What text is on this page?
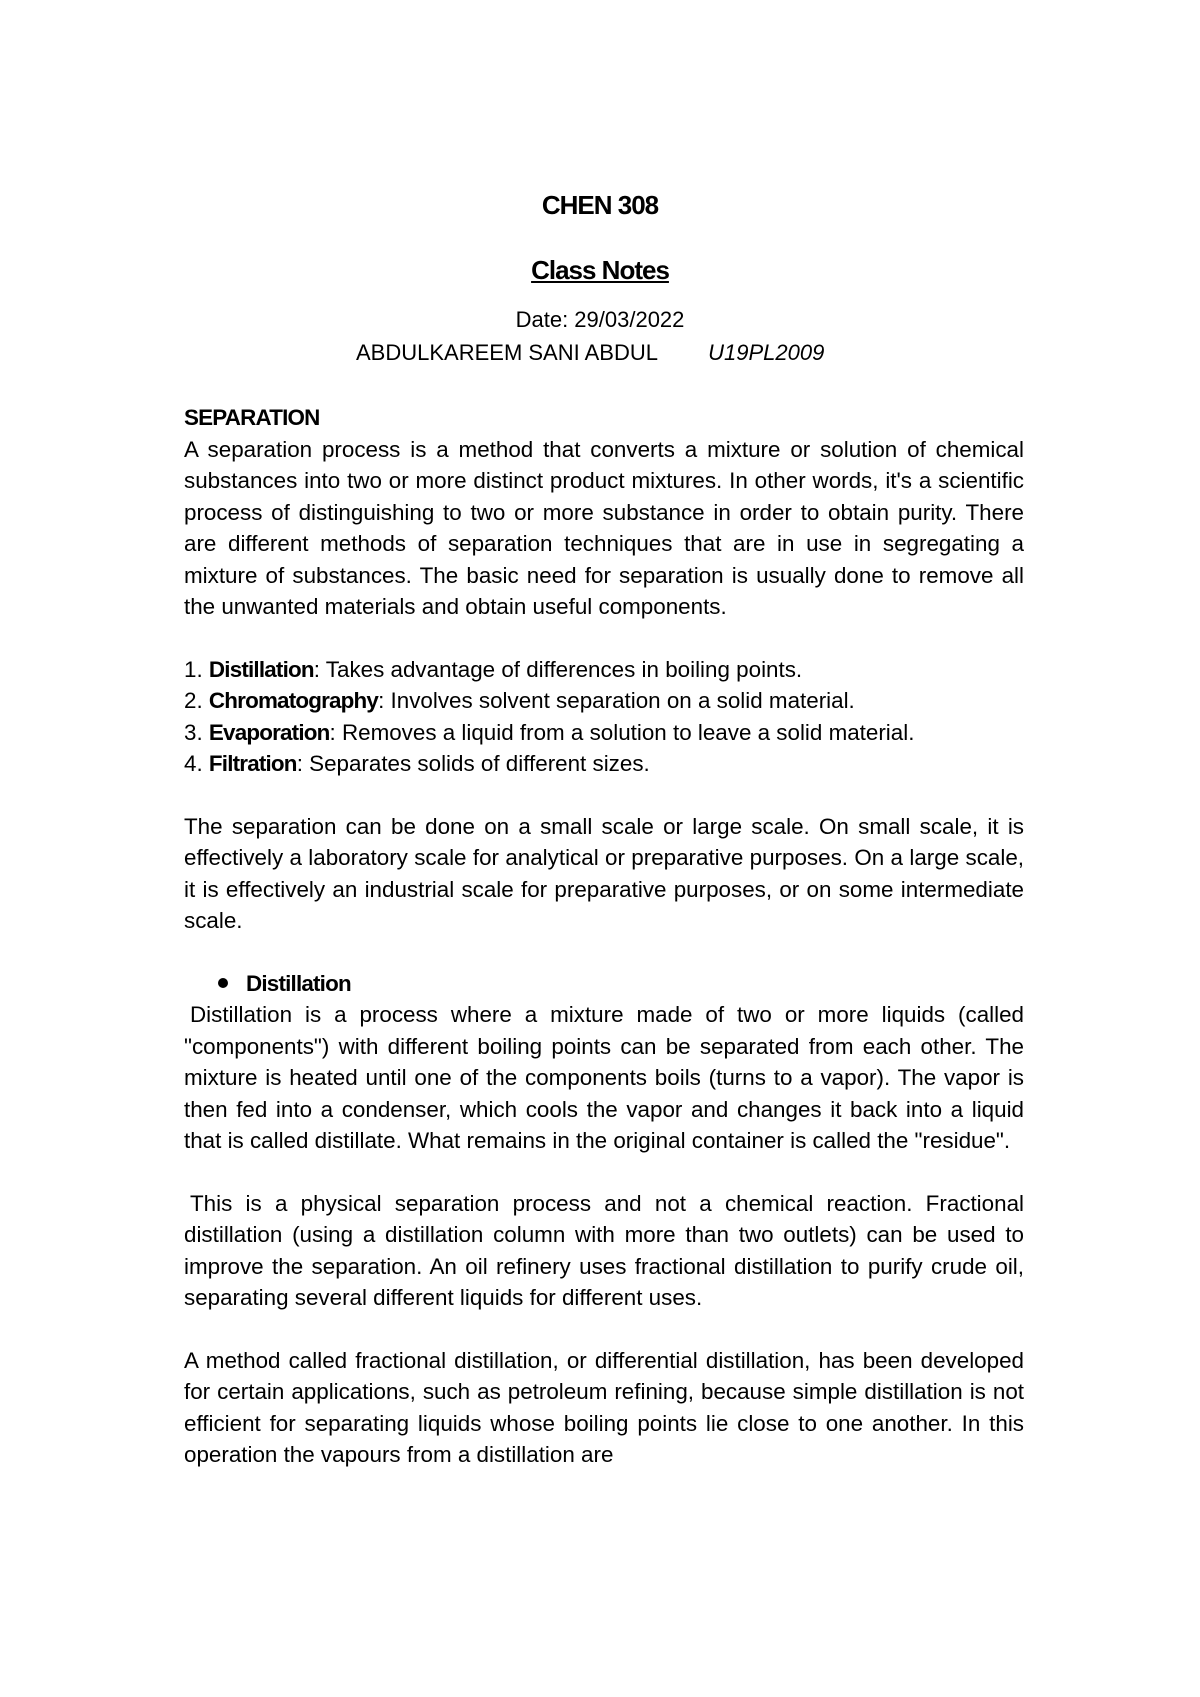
CHEN 308
Class Notes
Date: 29/03/2022
ABDULKAREEM SANI ABDUL U19PL2009

SEPARATION

A separation process is a method that converts a mixture or solution of chemical substances into two or more distinct product mixtures. In other words, it's a scientific process of distinguishing to two or more substance in order to obtain purity. There are different methods of separation techniques that are in use in segregating a mixture of substances. The basic need for separation is usually done to remove all the unwanted materials and obtain useful components.

1. Distillation: Takes advantage of differences in boiling points.
2. Chromatography: Involves solvent separation on a solid material.
3. Evaporation: Removes a liquid from a solution to leave a solid material.
4. Filtration: Separates solids of different sizes.

The separation can be done on a small scale or large scale. On small scale, it is effectively a laboratory scale for analytical or preparative purposes. On a large scale, it is effectively an industrial scale for preparative purposes, or on some intermediate scale.

Distillation

Distillation is a process where a mixture made of two or more liquids (called "components") with different boiling points can be separated from each other. The mixture is heated until one of the components boils (turns to a vapor). The vapor is then fed into a condenser, which cools the vapor and changes it back into a liquid that is called distillate. What remains in the original container is called the "residue".

This is a physical separation process and not a chemical reaction. Fractional distillation (using a distillation column with more than two outlets) can be used to improve the separation. An oil refinery uses fractional distillation to purify crude oil, separating several different liquids for different uses.

A method called fractional distillation, or differential distillation, has been developed for certain applications, such as petroleum refining, because simple distillation is not efficient for separating liquids whose boiling points lie close to one another. In this operation the vapours from a distillation are
